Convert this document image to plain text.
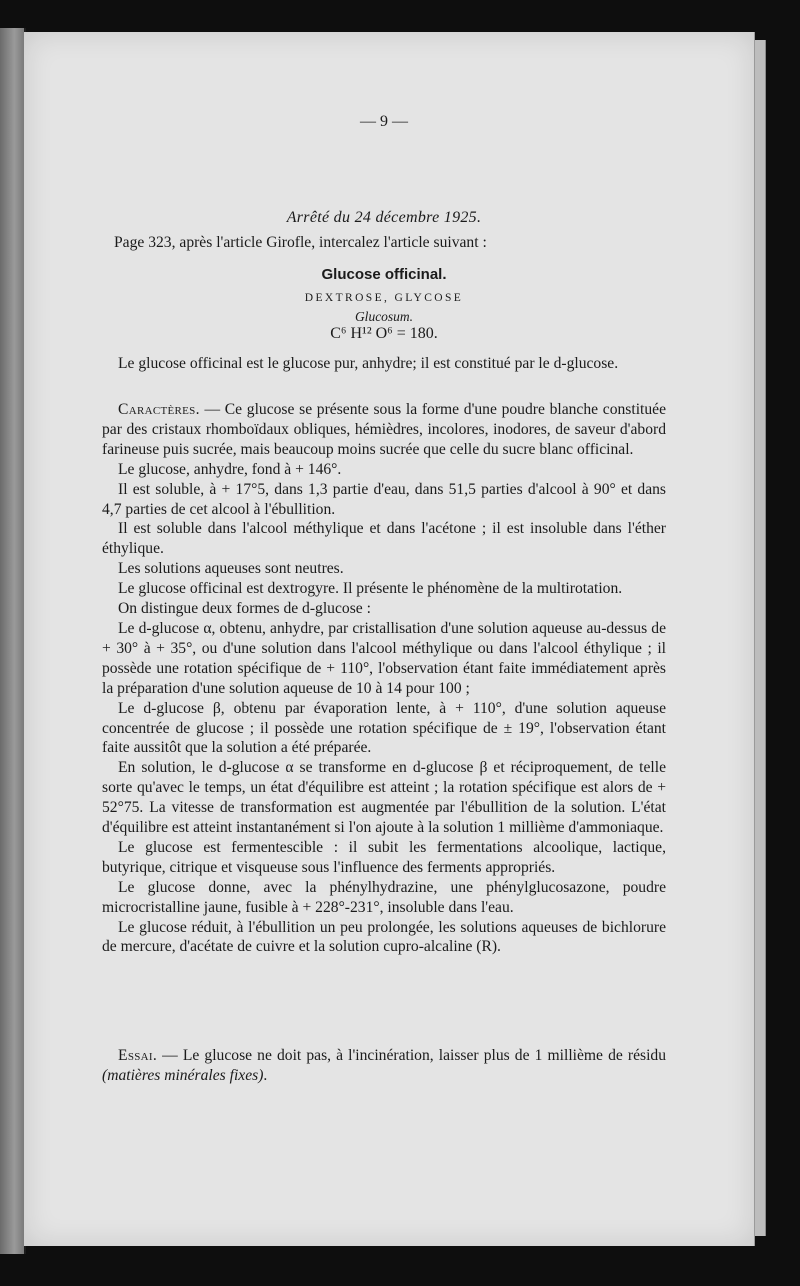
— 9 —
Arrêté du 24 décembre 1925.
Page 323, après l'article Girofle, intercalez l'article suivant :
Glucose officinal.
DEXTROSE, GLYCOSE
Glucosum.
C⁶ H¹² O⁶ = 180.

Le glucose officinal est le glucose pur, anhydre; il est constitué par le d-glucose.

Caractères. — Ce glucose se présente sous la forme d'une poudre blanche constituée par des cristaux rhomboïdaux obliques, hémièdres, incolores, inodores, de saveur d'abord farineuse puis sucrée, mais beaucoup moins sucrée que celle du sucre blanc officinal.

Le glucose, anhydre, fond à + 146°.

Il est soluble, à + 17°5, dans 1,3 partie d'eau, dans 51,5 parties d'alcool à 90° et dans 4,7 parties de cet alcool à l'ébullition.

Il est soluble dans l'alcool méthylique et dans l'acétone ; il est insoluble dans l'éther éthylique.

Les solutions aqueuses sont neutres.

Le glucose officinal est dextrogyre. Il présente le phénomène de la multirotation.

On distingue deux formes de d-glucose :

Le d-glucose α, obtenu, anhydre, par cristallisation d'une solution aqueuse au-dessus de + 30° à + 35°, ou d'une solution dans l'alcool méthylique ou dans l'alcool éthylique ; il possède une rotation spécifique de + 110°, l'observation étant faite immédiatement après la préparation d'une solution aqueuse de 10 à 14 pour 100 ;

Le d-glucose β, obtenu par évaporation lente, à + 110°, d'une solution aqueuse concentrée de glucose ; il possède une rotation spécifique de ± 19°, l'observation étant faite aussitôt que la solution a été préparée.

En solution, le d-glucose α se transforme en d-glucose β et réciproquement, de telle sorte qu'avec le temps, un état d'équilibre est atteint ; la rotation spécifique est alors de + 52°75. La vitesse de transformation est augmentée par l'ébullition de la solution. L'état d'équilibre est atteint instantanément si l'on ajoute à la solution 1 millième d'ammoniaque.

Le glucose est fermentescible : il subit les fermentations alcoolique, lactique, butyrique, citrique et visqueuse sous l'influence des ferments appropriés.

Le glucose donne, avec la phénylhydrazine, une phénylglucosazone, poudre microcristalline jaune, fusible à + 228°-231°, insoluble dans l'eau.

Le glucose réduit, à l'ébullition un peu prolongée, les solutions aqueuses de bichlorure de mercure, d'acétate de cuivre et la solution cupro-alcaline (R).

Essai. — Le glucose ne doit pas, à l'incinération, laisser plus de 1 millième de résidu (matières minérales fixes).
